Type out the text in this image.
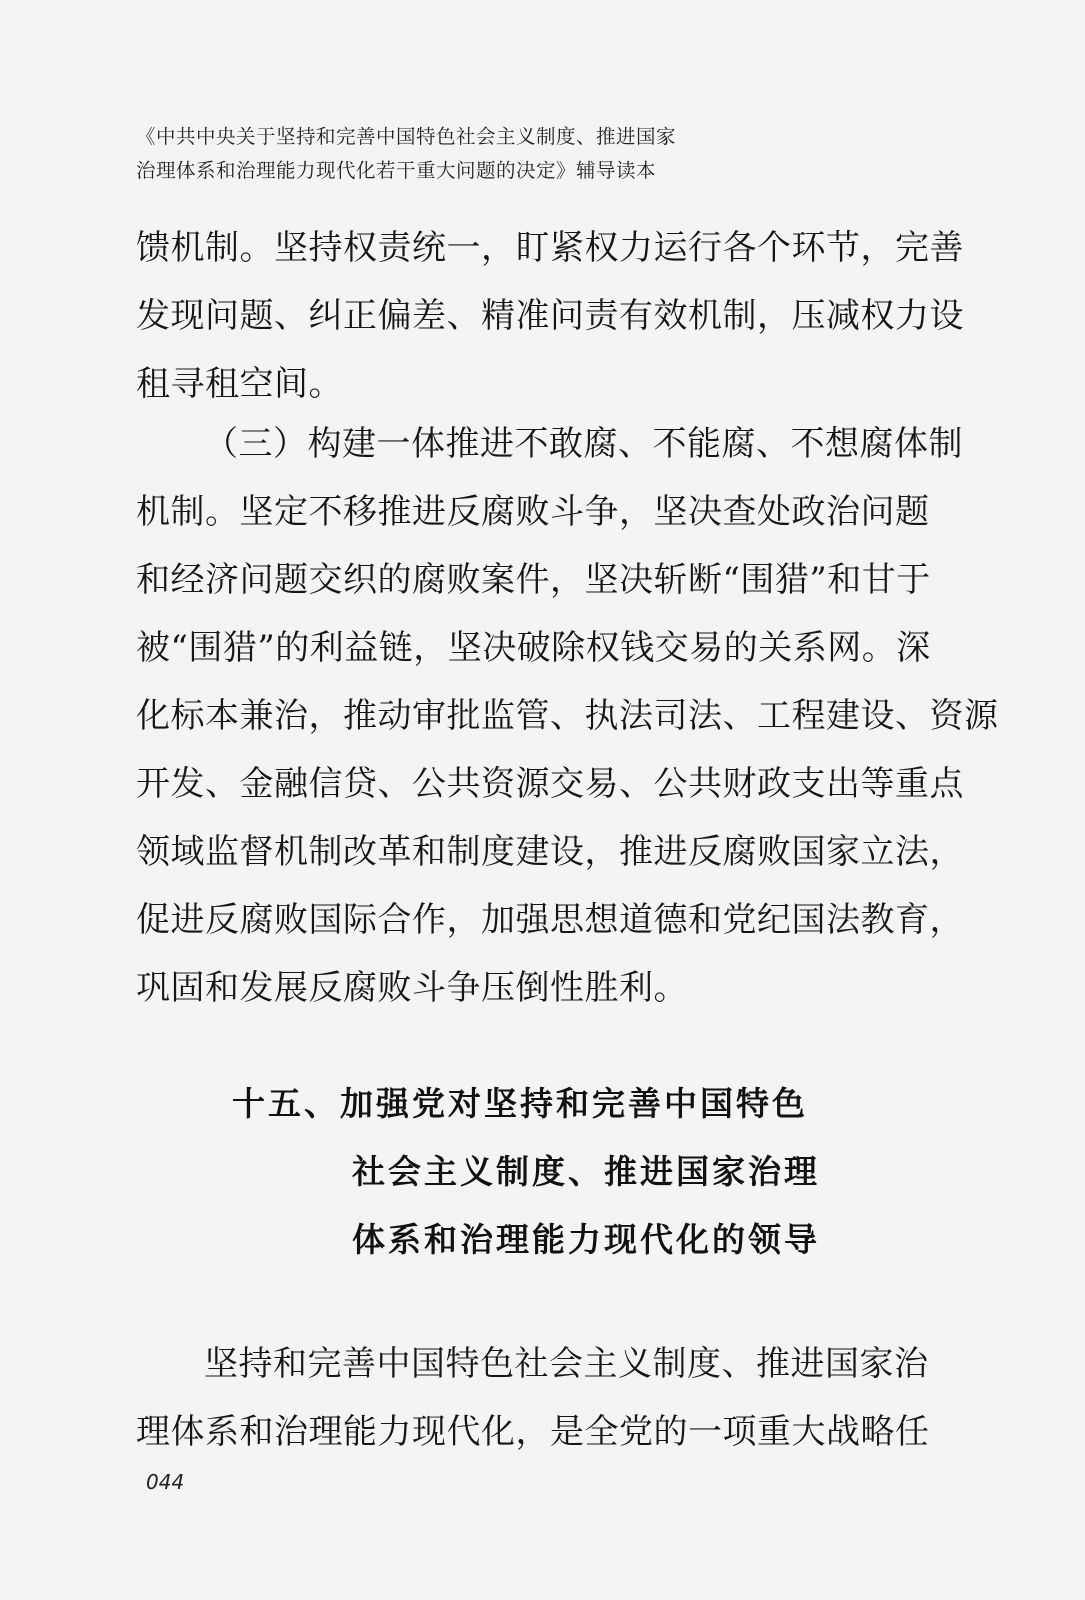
《中共中央关于坚持和完善中国特色社会主义制度、推进国家
治理体系和治理能力现代化若干重大问题的决定》辅导读本
馈机制。坚持权责统一，盯紧权力运行各个环节，完善
发现问题、纠正偏差、精准问责有效机制，压减权力设
租寻租空间。
（三）构建一体推进不敢腐、不能腐、不想腐体制
机制。坚定不移推进反腐败斗争，坚决查处政治问题
和经济问题交织的腐败案件，坚决斩断“围猎”和甘于
被“围猎”的利益链，坚决破除权钱交易的关系网。深
化标本兼治，推动审批监管、执法司法、工程建设、资源
开发、金融信贷、公共资源交易、公共财政支出等重点
领域监督机制改革和制度建设，推进反腐败国家立法，
促进反腐败国际合作，加强思想道德和党纪国法教育，
巩固和发展反腐败斗争压倒性胜利。
十五、加强党对坚持和完善中国特色
社会主义制度、推进国家治理
体系和治理能力现代化的领导
坚持和完善中国特色社会主义制度、推进国家治
理体系和治理能力现代化，是全党的一项重大战略任
044
